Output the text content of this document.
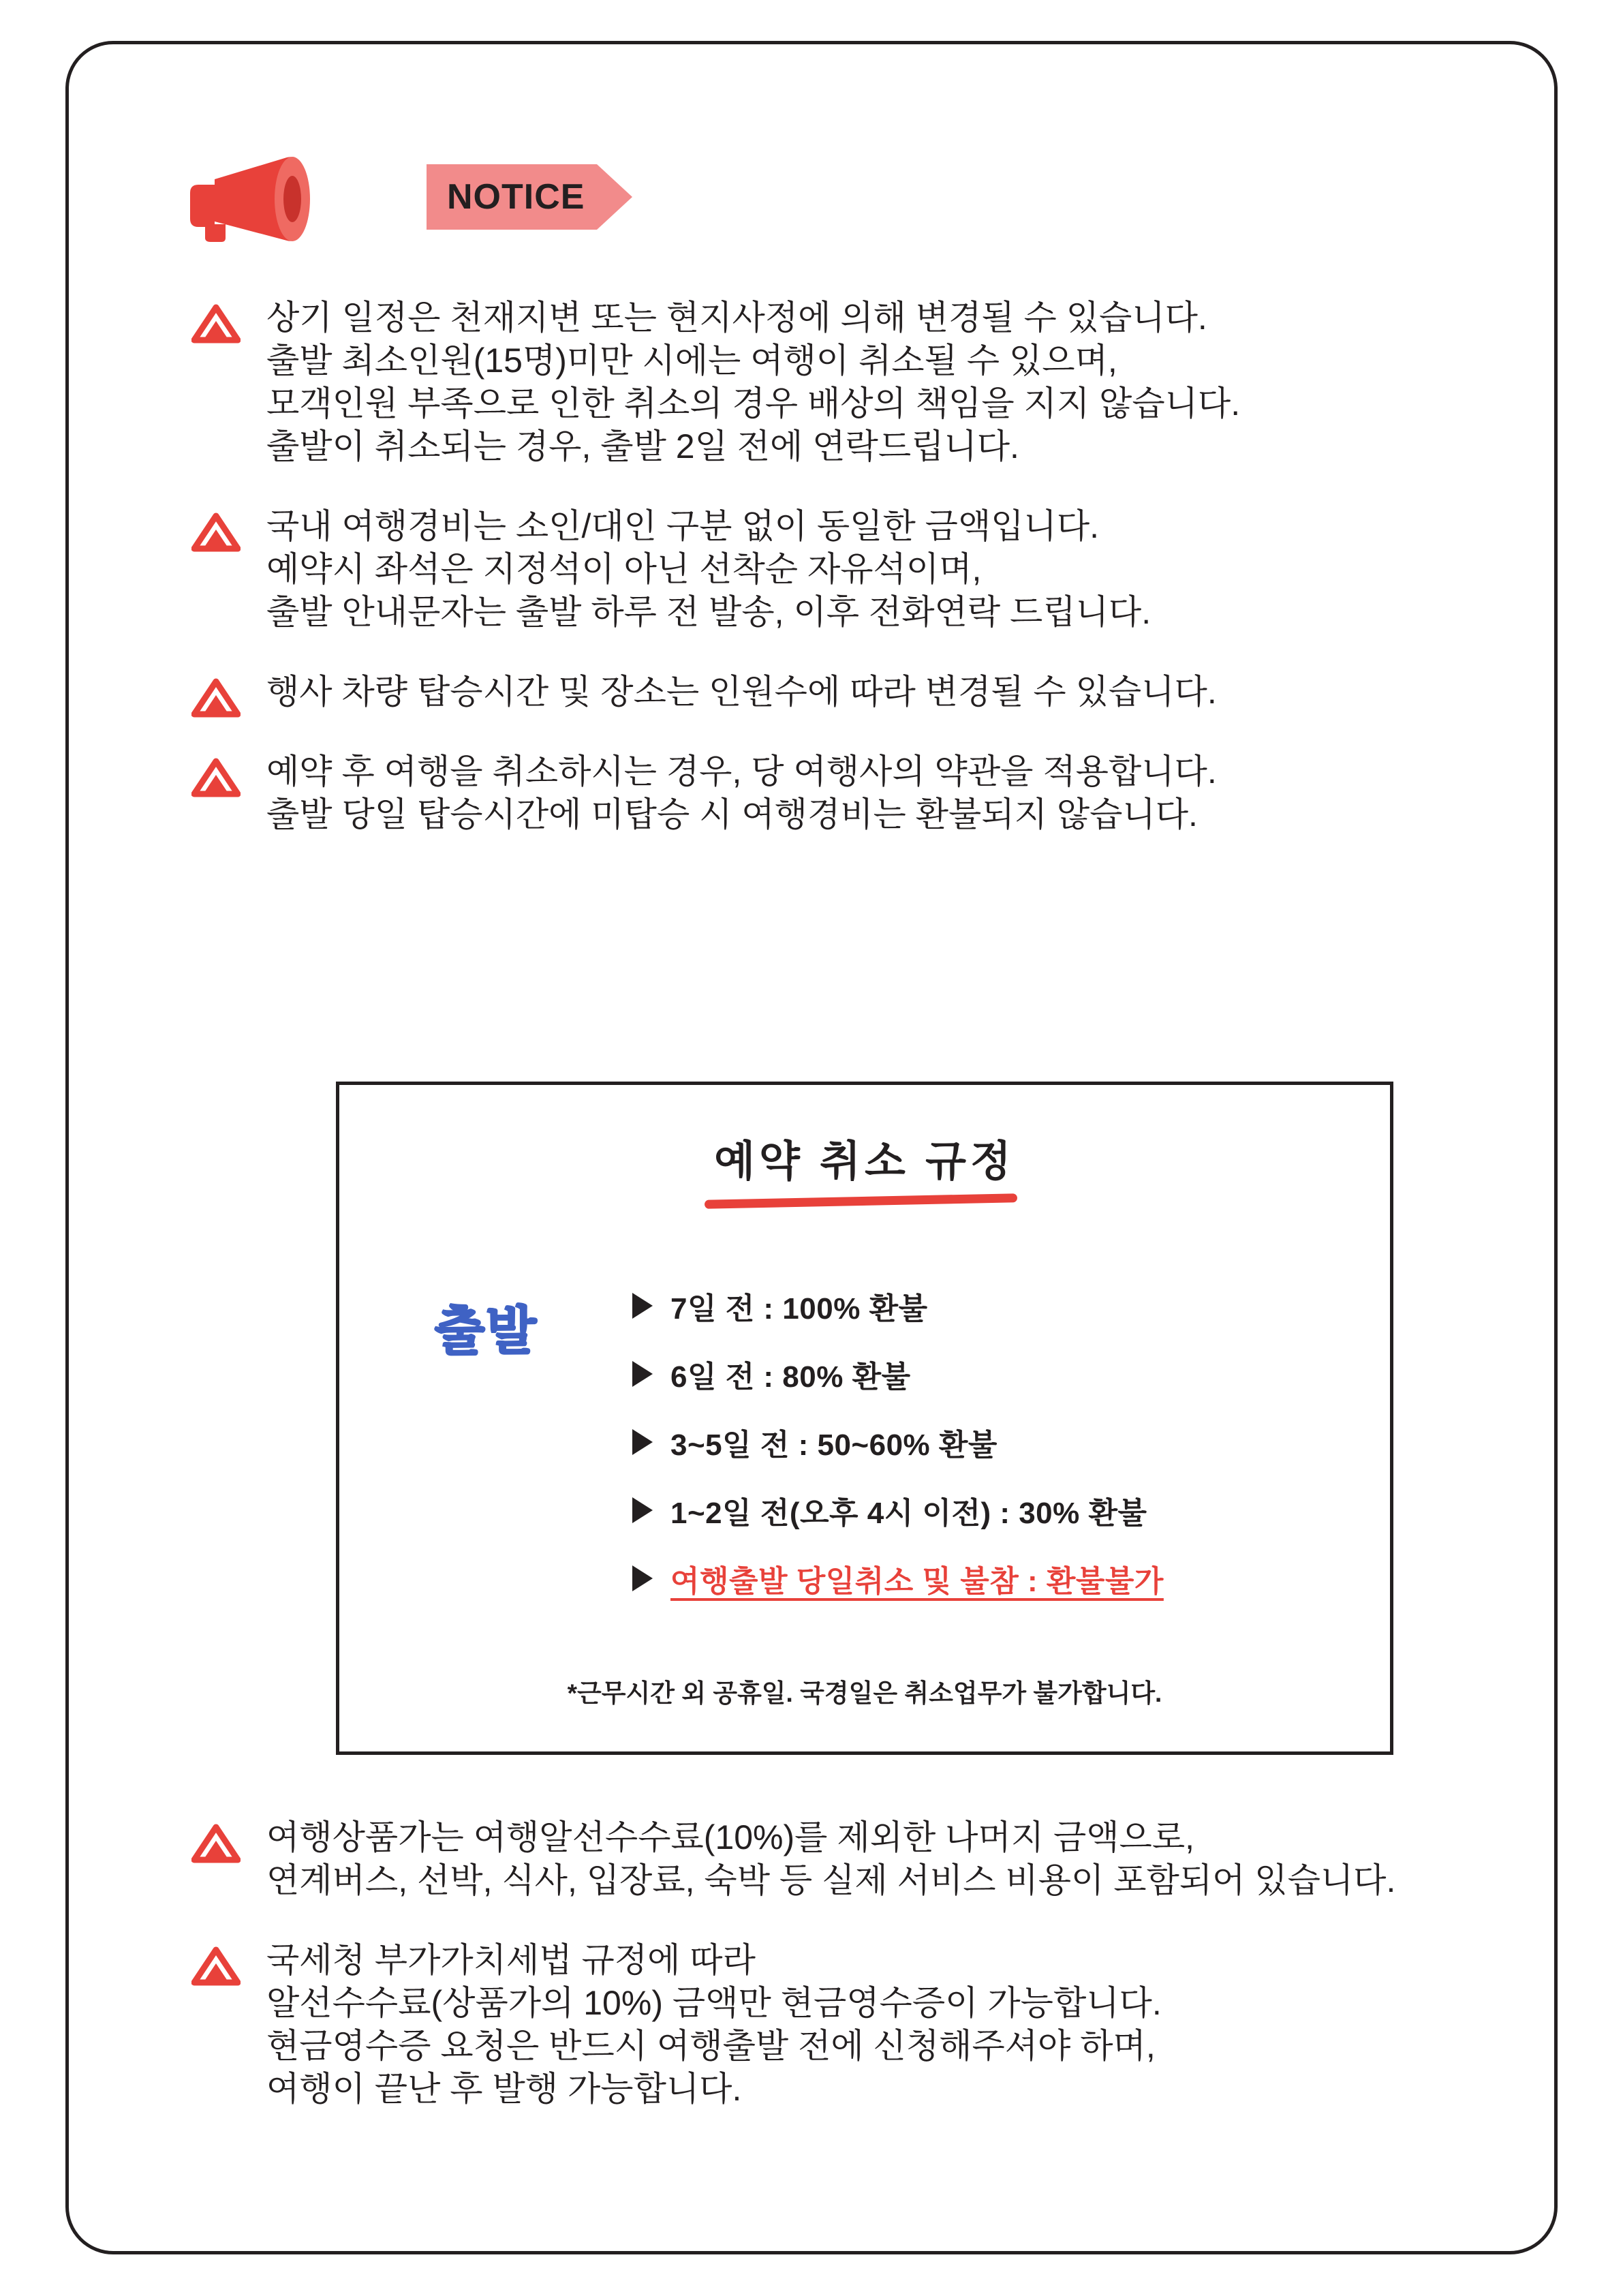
NOTICE
상기 일정은 천재지변 또는 현지사정에 의해 변경될 수 있습니다.
출발 최소인원(15명)미만 시에는 여행이 취소될 수 있으며,
모객인원 부족으로 인한 취소의 경우 배상의 책임을 지지 않습니다.
출발이 취소되는 경우, 출발 2일 전에 연락드립니다.
국내 여행경비는 소인/대인 구분 없이 동일한 금액입니다.
예약시 좌석은 지정석이 아닌 선착순 자유석이며,
출발 안내문자는 출발 하루 전 발송, 이후 전화연락 드립니다.
행사 차량 탑승시간 및 장소는 인원수에 따라 변경될 수 있습니다.
예약 후 여행을 취소하시는 경우, 당 여행사의 약관을 적용합니다.
출발 당일 탑승시간에 미탑승 시 여행경비는 환불되지 않습니다.
예약 취소 규정
출발	7일 전 : 100% 환불
6일 전 : 80% 환불
3~5일 전 : 50~60% 환불
1~2일 전(오후 4시 이전) : 30% 환불
여행출발 당일취소 및 불참 : 환불불가
*근무시간 외 공휴일. 국경일은 취소업무가 불가합니다.
여행상품가는 여행알선수수료(10%)를 제외한 나머지 금액으로,
연계버스, 선박, 식사, 입장료, 숙박 등 실제 서비스 비용이 포함되어 있습니다.
국세청 부가가치세법 규정에 따라
알선수수료(상품가의 10%) 금액만 현금영수증이 가능합니다.
현금영수증 요청은 반드시 여행출발 전에 신청해주셔야 하며,
여행이 끝난 후 발행 가능합니다.
